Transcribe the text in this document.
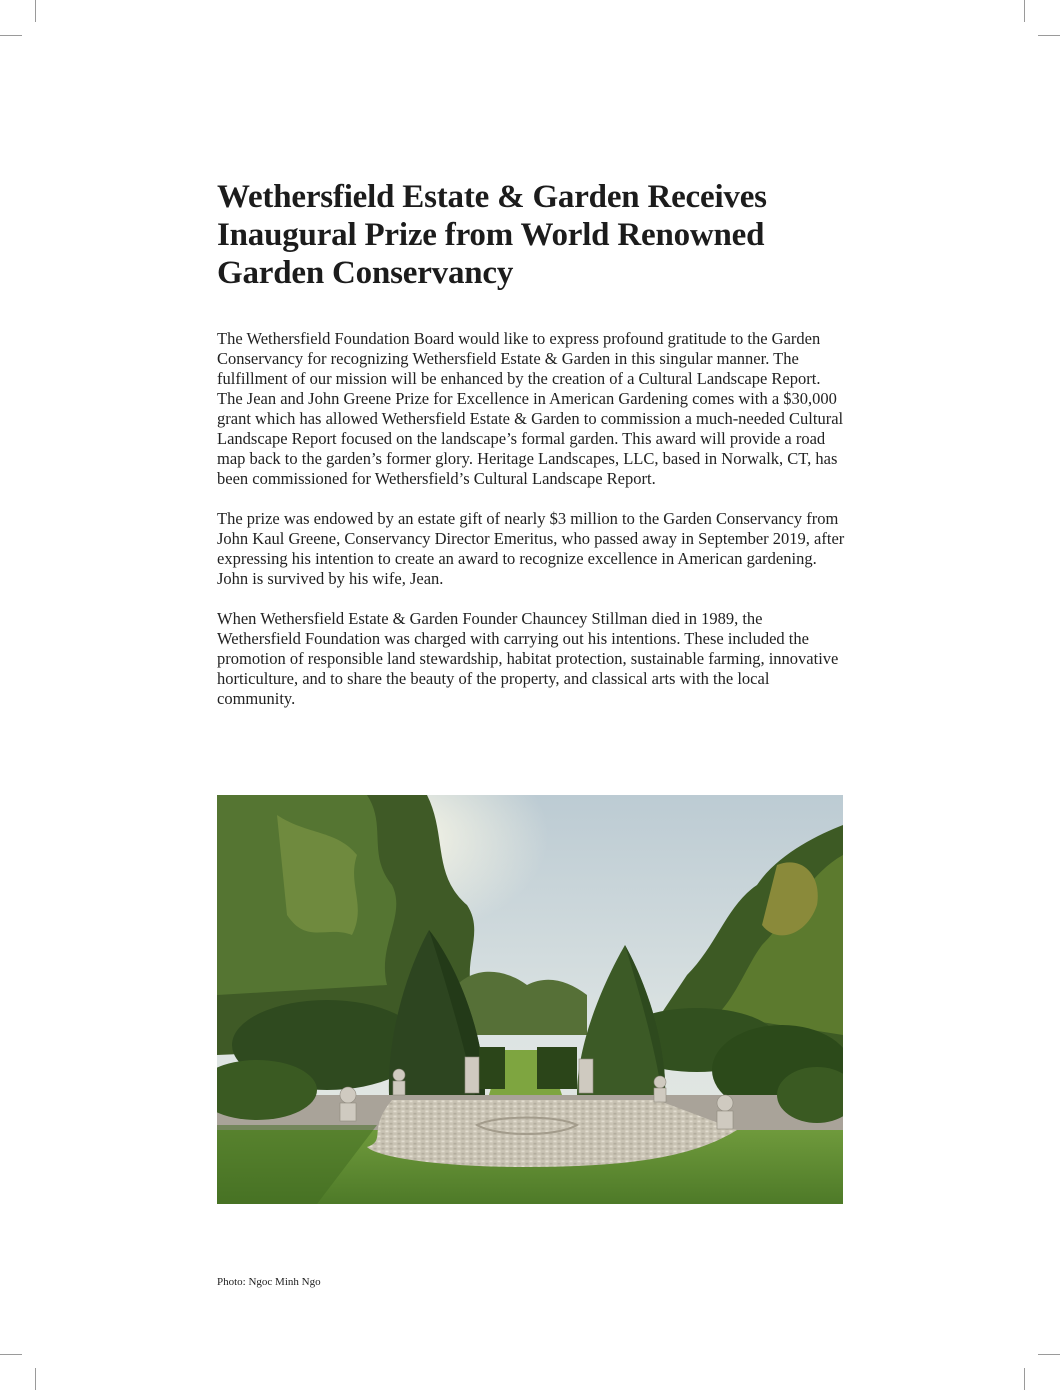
Wethersfield Estate & Garden Receives Inaugural Prize from World Renowned Garden Conservancy

The Wethersfield Foundation Board would like to express profound gratitude to the Garden Conservancy for recognizing Wethersfield Estate & Garden in this singular manner. The fulfillment of our mission will be enhanced by the creation of a Cultural Landscape Report. The Jean and John Greene Prize for Excellence in American Gardening comes with a $30,000 grant which has allowed Wethersfield Estate & Garden to commission a much-needed Cultural Landscape Report focused on the landscape’s formal garden. This award will provide a road map back to the garden’s former glory. Heritage Landscapes, LLC, based in Norwalk, CT, has been commissioned for Wethersfield’s Cultural Landscape Report.

The prize was endowed by an estate gift of nearly $3 million to the Garden Conservancy from John Kaul Greene, Conservancy Director Emeritus, who passed away in September 2019, after expressing his intention to create an award to recognize excellence in American gardening. John is survived by his wife, Jean.

When Wethersfield Estate & Garden Founder Chauncey Stillman died in 1989, the Wethersfield Foundation was charged with carrying out his intentions. These included the promotion of responsible land stewardship, habitat protection, sustainable farming, innovative horticulture, and to share the beauty of the property, and classical arts with the local community.

Photo: Ngoc Minh Ngo
